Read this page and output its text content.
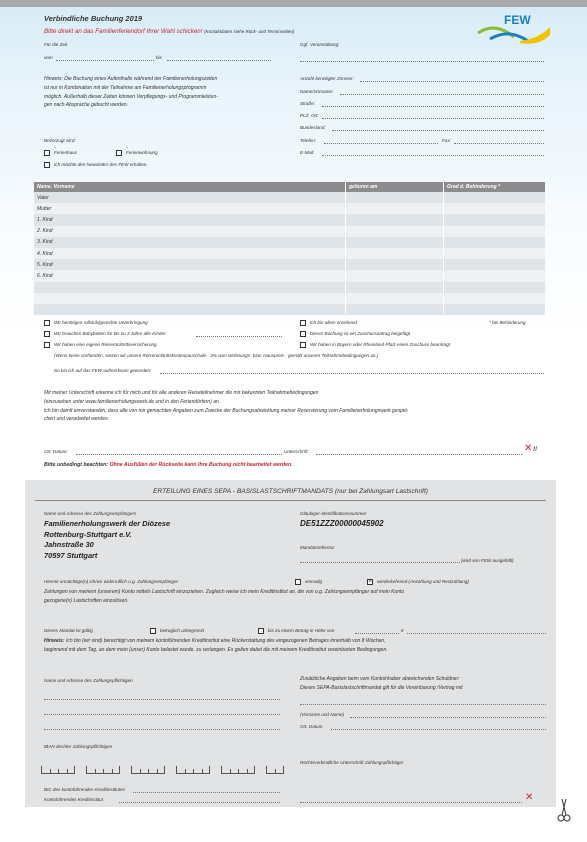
Verbindliche Buchung 2019
Bitte direkt an das Familienferiendorf Ihrer Wahl schicken! (Kontaktdaten siehe Rück- und Terminseiten)
FEW
Für die Zeit
vom	bis
Hinweis: Die Buchung eines Aufenthalts während der Familienerholungszeiten
ist nur in Kombination mit der Teilnahme am Familienerholungsprogramm
möglich. Außerhalb dieser Zeiten können Verpflegungs- und Programmleistun-
gen nach Absprache gebucht werden.
Bevorzugt wird:
Ferienhaus	Ferienwohnung
Ich möchte den Newsletter des FEW erhalten.
Ggf. Veranstaltung:
Anzahl benötigter Zimmer:
Name/Vorname:
Straße:
PLZ, Ort:
Bundesland:
Telefon:	Fax:
E-Mail:
Name, Vorname	geboren am	Grad d. Behinderung *
Vater
Mutter
1. Kind
2. Kind
3. Kind
4. Kind
5. Kind
6. Kind
Wir benötigen rollstuhlgerechte Unterbringung
Wir brauchen Babybetten für bis zu 3 Jahre alte Kinder:
Wir haben eine eigene Reiserücktrittsversicherung
Ich bin allein erziehend	* bei Behinderung
Dieser Buchung ist ein Zuschussantrag beigefügt
Wir haben in Bayern oder Rheinland-Pfalz einen Zuschuss beantragt
(Wenn keine vorhanden, setzen wir unsere Reiserücktrittskostenpauschale - 3% vom Wohnungs- bzw. Hauspreis - gemäß unseren Teilnahmebedingungen an.)
So bin ich auf das FEW aufmerksam geworden:
Mit meiner Unterschrift erkenne ich für mich und für alle anderen Reiseteilnehmer die mir bekannten Teilnahmebedingungen
(einzusehen unter www.familienerholungswerk.de und in den Feriendörfern) an.
Ich bin damit einverstanden, dass alle von mir gemachten Angaben zum Zwecke der Buchungsabwicklung meiner Reservierung vom Familienerholungswerk gespei-
chert und verarbeitet werden.
Ort, Datum:	Unterschrift:	✕ !!
Bitte unbedingt beachten: Ohne Ausfüllen der Rückseite kann Ihre Buchung nicht bearbeitet werden.
ERTEILUNG EINES SEPA - BASISLASTSCHRIFTMANDATS (nur bei Zahlungsart Lastschrift)
Name und Adresse des Zahlungsempfängers
Familienerholungswerk der Diözese
Rottenburg-Stuttgart e.V.
Jahnstraße 30
70597 Stuttgart
Gläubiger-Identifikationsnummer
DE51ZZZ00000045902
Mandatsreferenz
(wird von FEW ausgefüllt)
Hiermit ermächtige(n) ich/wir widerruflich o.g. Zahlungsempfänger	einmalig
×	wiederkehrend (Anzahlung und Restzahlung)
Zahlungen von meinem (unserem) Konto mittels Lastschrift einzuziehen. Zugleich weise ich mein Kreditinstitut an, die von o.g. Zahlungsempfänger auf mein Konto
gezogene(n) Lastschriften einzulösen.
Dieses Mandat ist gültig	betraglich unbegrenzt	bis zu einem Betrag in Höhe von	€
Hinweis: Ich bin (wir sind) berechtigt von meinem kontoführenden Kreditinstitut eine Rückerstattung des eingezogenen Betrages innerhalb von 8 Wochen,
beginnend mit dem Tag, an dem mein (unser) Konto belastet wurde, zu verlangen. Es gelten dabei die mit meinem Kreditinstitut vereinbarten Bedingungen.
Name und Adresse des Zahlungspflichtigen	Zusätzliche Angaben beim vom Kontoinhaber abweichenden Schuldner:
Dieses SEPA-Basislastschriftmandat gilt für die Vereinbarung /Vertrag mit
(Vorname und Name)
Ort, Datum
IBAN des/der Zahlungspflichtigen
Rechtsverbindliche Unterschrift Zahlungspflichtiger
✕
BIC des kontoführenden Kreditinstitutes
Kontoführendes Kreditinstitut
